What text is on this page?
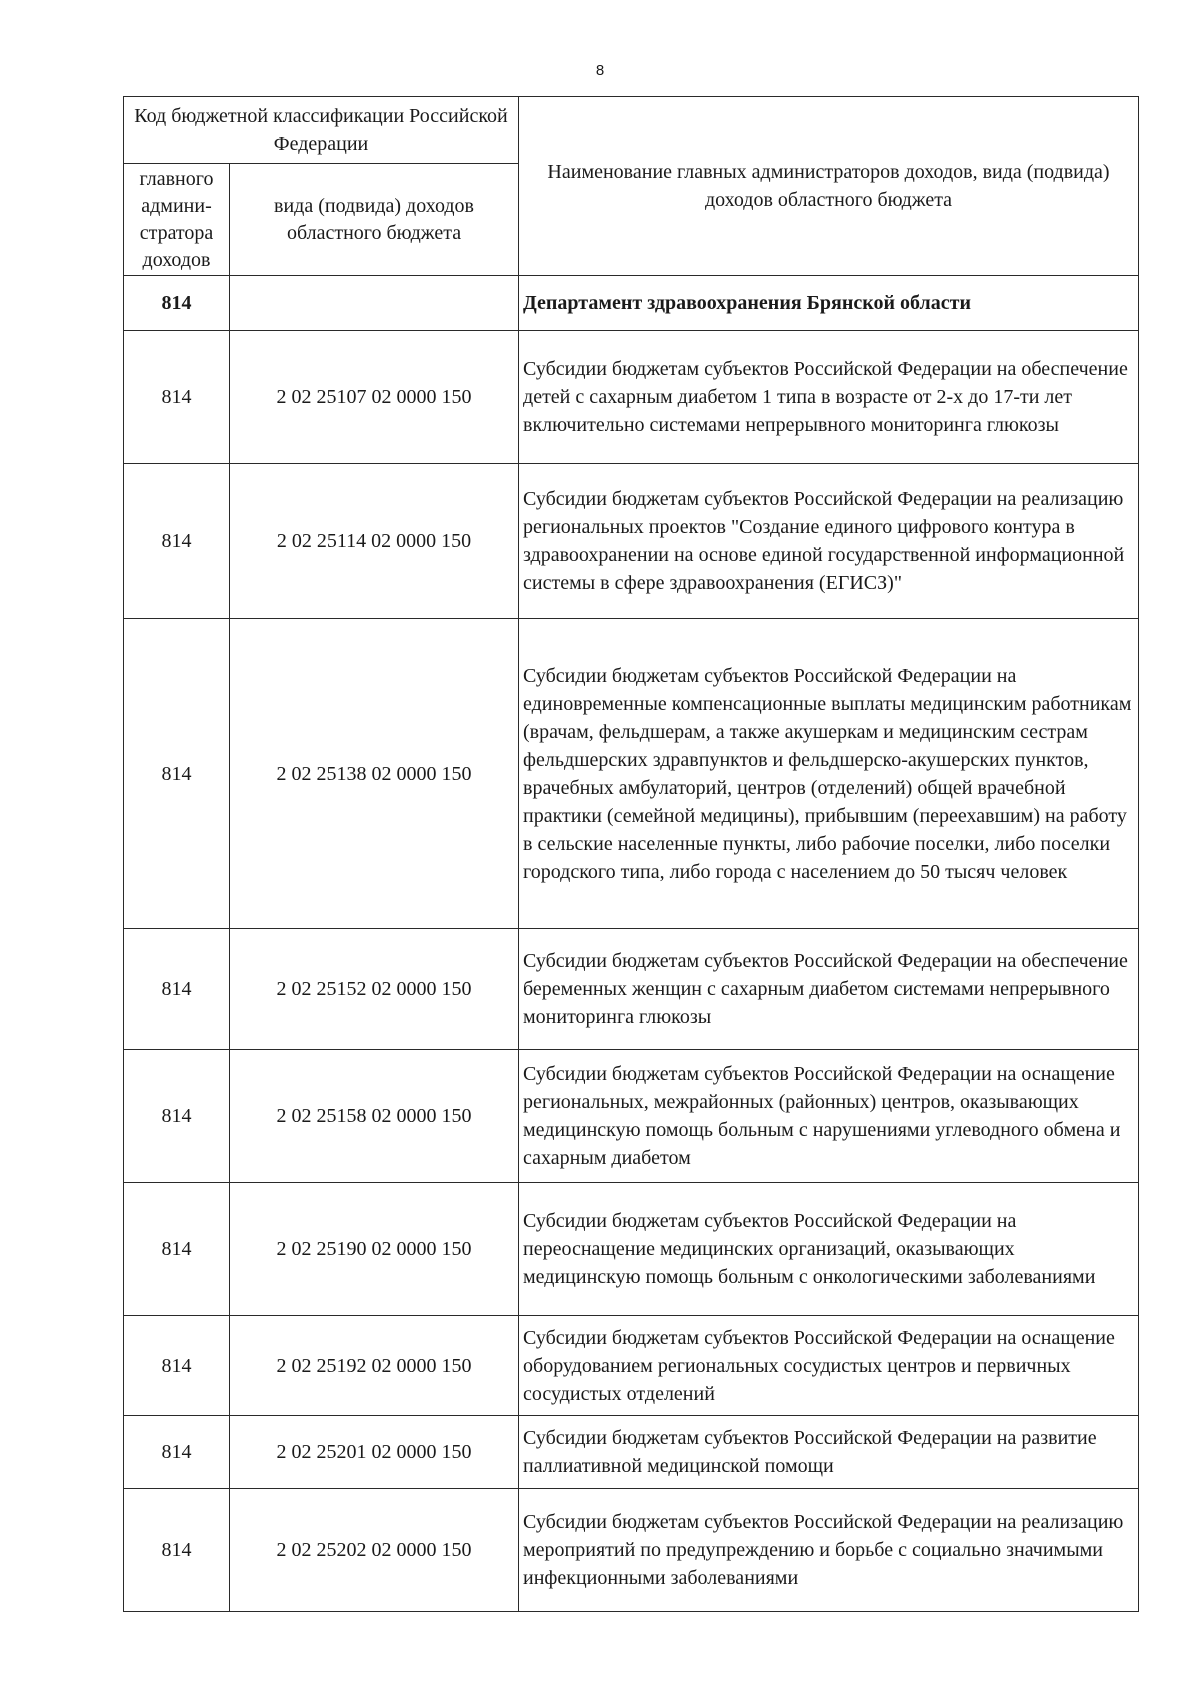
8
Код бюджетной классификации Российской Федерации		Наименование главных администраторов доходов, вида (подвида) доходов областного бюджета
главного админи- стратора доходов	вида (подвида) доходов областного бюджета	
814		Департамент здравоохранения Брянской области
814	2 02 25107 02 0000 150	Субсидии бюджетам субъектов Российской Федерации на обеспечение детей с сахарным диабетом 1 типа в возрасте от 2-х до 17-ти лет включительно системами непрерывного мониторинга глюкозы
814	2 02 25114 02 0000 150	Субсидии бюджетам субъектов Российской Федерации на реализацию региональных проектов "Создание единого цифрового контура в здравоохранении на основе единой государственной информационной системы в сфере здравоохранения (ЕГИСЗ)"
814	2 02 25138 02 0000 150	Субсидии бюджетам субъектов Российской Федерации на единовременные компенсационные выплаты медицинским работникам (врачам, фельдшерам, а также акушеркам и медицинским сестрам фельдшерских здравпунктов и фельдшерско-акушерских пунктов, врачебных амбулаторий, центров (отделений) общей врачебной практики (семейной медицины), прибывшим (переехавшим) на работу в сельские населенные пункты, либо рабочие поселки, либо поселки городского типа, либо города с населением до 50 тысяч человек
814	2 02 25152 02 0000 150	Субсидии бюджетам субъектов Российской Федерации на обеспечение беременных женщин с сахарным диабетом системами непрерывного мониторинга глюкозы
814	2 02 25158 02 0000 150	Субсидии бюджетам субъектов Российской Федерации на оснащение региональных, межрайонных (районных) центров, оказывающих медицинскую помощь больным с нарушениями углеводного обмена и сахарным диабетом
814	2 02 25190 02 0000 150	Субсидии бюджетам субъектов Российской Федерации на переоснащение медицинских организаций, оказывающих медицинскую помощь больным с онкологическими заболеваниями
814	2 02 25192 02 0000 150	Субсидии бюджетам субъектов Российской Федерации на оснащение оборудованием региональных сосудистых центров и первичных сосудистых отделений
814	2 02 25201 02 0000 150	Субсидии бюджетам субъектов Российской Федерации на развитие паллиативной медицинской помощи
814	2 02 25202 02 0000 150	Субсидии бюджетам субъектов Российской Федерации на реализацию мероприятий по предупреждению и борьбе с социально значимыми инфекционными заболеваниями
